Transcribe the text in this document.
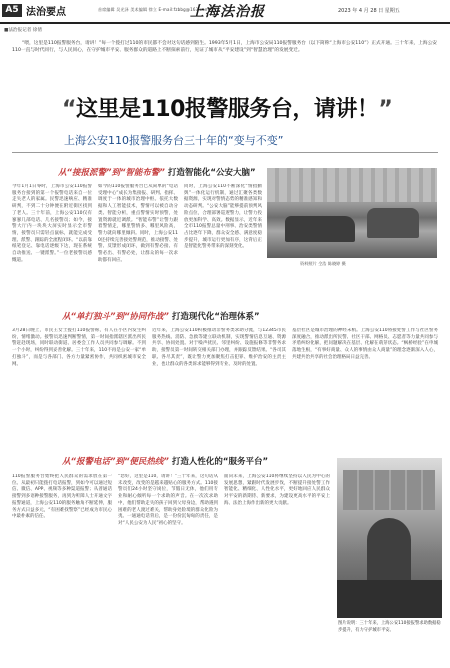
A5 法治要点	首席编辑 吴光泽 美术编辑 徐立 E-mail:fzbbg@163.com
上海法治报	2023 年 4 月 28 日 星期五
■法治报记者 徐倩
“喂，这里是110报警服务台，请讲！”每一个拨打过110的市民都不会对这句话感到陌生。1993年5月1日，上海市公安局110报警服务台（以下简称“上海市公安110”）正式开通。三十年来，上海公安110一直与时代同行，与人民同心，在守护城市平安、服务群众的道路上不断探索前行，见证了城市从“平安建设”到“智慧治理”的发展变迁。
“这里是110报警服务台，请讲！”
上海公安110报警服务台三十年的“变与不变”
从“接报派警”到“智能布警” 打造智能化“公安大脑”
今年1月1日零时，上海市公安110报警服务台接到的第一个报警电话来自一位走失老人的家属。民警迅速响应、精准研判，不到二十分钟便在附近街区找到了老人。三十年前，上海公安110仅有寥寥几部电话、几名接警员；如今，接警大厅内一块块大屏实时显示全市警情，接警员只需轻点鼠标，就能完成受理、派警、跟踪的全流程闭环。“以前靠纸笔登记、靠电话逐级下达，现在系统自动推送、一键派警。”一位老接警员感慨道。
如今的110报警服务台已从简单的“电话受理中心”成长为集接报、研判、指挥、调度于一体的城市治理中枢。依托大数据和人工智能技术，警情可以被自动分类、智能分析，重点警情实时预警，处置资源就近调派。“智能布警”让警力跟着警情走，哪里警情多、哪里风险高，警力就向哪里倾斜。同时，上海公安110还持续完善接处警规范，推动接警、处警、反馈形成闭环，做到有警必接、有警必出、有警必处，让群众的每一次求助都有回应。
同时，上海公安110不断深化“情指勤舆”一体化运行机制，通过汇聚各类数据资源，实现对警情态势的精准感知和动态研判。“公安大脑”能够提前预判风险点位，合理部署巡逻警力，让警力投放更加科学、高效。数据显示，近年来全市110报警总量中刑事、治安类警情占比逐年下降，群众安全感、满意度稳步提升，城市运行更加有序，这背后正是智能化警务带来的深刻变化。
资料照片 仝浩 陈晓婷 摄
从“单打独斗”到“协同作战” 打造现代化“治理体系”
3月28日晚上，市民王女士拨打110报警称，有人在小区内发生纠纷，情绪激动。接警员迅速判断警情，第一时间指派辖区派出所民警赶赴现场，同时联动街道、居委会工作人员共同参与调解。不到一个小时，纠纷得到妥善化解。三十年来，110不再是公安一家“单打独斗”，而是与各部门、各方力量紧密协作，共同织密城市安全网。
近年来，上海公安110积极推动非警务类求助分流，与12345市民服务热线、消防、急救等建立联动机制，实现警情信息互通、资源共享、协同处置。对于噪声扰民、邻里纠纷、设施报修等非警务求助，接警员第一时间转交相关部门办理，并跟踪反馈结果。“各司其职、各尽其责”，既让警力更加聚焦打击犯罪、维护治安的主责主业，也让群众的各类诉求能够得到专业、及时的处置。
基层社区是城市治理的神经末梢。上海公安110将接处警工作与社区警务深度融合，推动派出所民警、社区干部、网格员、志愿者等力量共同参与矛盾纠纷化解，把问题解决在基层、化解在萌芽状态。“枫桥经验”在申城落地生根，“有事好商量、众人的事情由众人商量”的理念逐渐深入人心，共建共治共享的社会治理格局日益完善。
从“报警电话”到“便民热线” 打造人性化的“服务平台”
110报警服务台始终把人民群众的需求放在第一位。从最初只能拨打电话报警，到如今可以通过短信、微信、APP、视频等多种渠道报警；从普通话接警到多语种接警服务，再到为听障人士开通文字报警通道，上海公安110的服务触角不断延伸，服务方式日益多元，“有困难找警察”已经成为市民心中最朴素的信任。
“您好，这里是110，请讲！”三十年来，这句话从未改变，改变的是越来越贴心的服务方式。110接警员们24小时坚守岗位，节假日无休，他们用专业和耐心倾听每一个求助的声音。在一次次求助中，他们帮助走失的孩子回到父母身边，帮助遇到困难的老人渡过难关，帮助身处险境的群众化险为夷。一通通电话背后，是一份份沉甸甸的责任，是对“人民公安为人民”初心的坚守。
面向未来，上海公安110将继续坚持以人民为中心的发展思想，紧跟时代发展步伐，不断提升接处警工作智能化、精细化、人性化水平，更好地回应人民群众对平安的新期待、新要求，为建设更高水平的平安上海、法治上海作出新的更大贡献。
图片说明：三十年来，上海公安110接报警求助数据稳步提升，有力守护城市平安。
